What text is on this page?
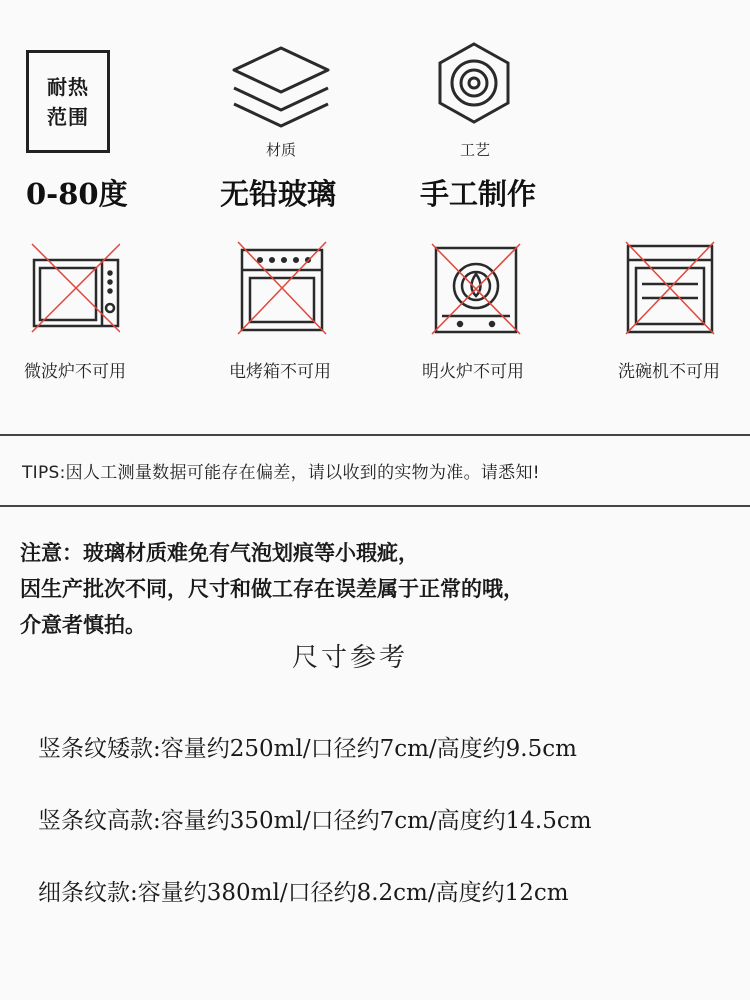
耐热
范围
0-80度
材质
无铅玻璃
工艺
手工制作
微波炉不可用	电烤箱不可用	明火炉不可用	洗碗机不可用
TIPS:因人工测量数据可能存在偏差，请以收到的实物为准。请悉知!

注意：玻璃材质难免有气泡划痕等小瑕疵，

因生产批次不同，尺寸和做工存在误差属于正常的哦，

介意者慎拍。

尺寸参考
竖条纹矮款:容量约250ml/口径约7cm/高度约9.5cm
竖条纹高款:容量约350ml/口径约7cm/高度约14.5cm
细条纹款:容量约380ml/口径约8.2cm/高度约12cm
